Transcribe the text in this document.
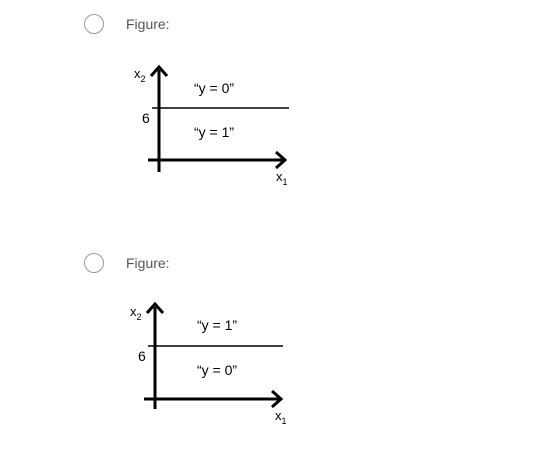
Figure:
$x_2$
6
“y = 0”
“y = 1”
$x_1$
Figure:
$x_2$
6
“y = 1”
“y = 0”
$x_1$
